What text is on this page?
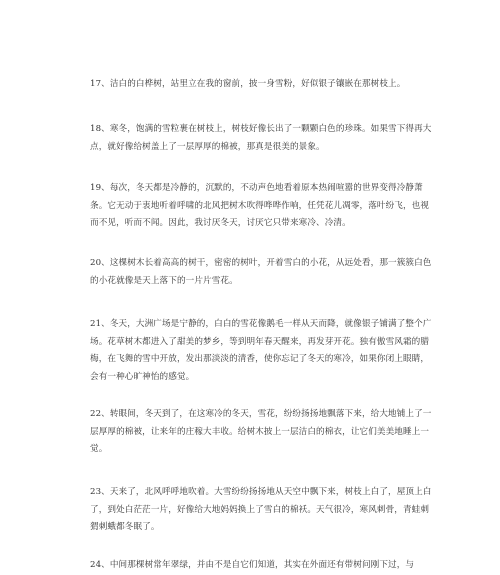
17、洁白的白桦树，站里立在我的窗前，披一身雪粉，好似银子镶嵌在那树枝上。

18、寒冬，饱满的雪粒裹在树枝上，树枝好像长出了一颗颗白色的珍珠。如果雪下得再大点，就好像给树盖上了一层厚厚的棉被，那真是很美的景象。

19、每次，冬天都是冷静的，沉默的，不动声色地看着原本热闹喧嚣的世界变得冷静萧条。它无动于衷地听着呼啸的北风把树木吹得哗哗作响，任凭花儿凋零，落叶纷飞，也视而不见，听而不闻。因此，我讨厌冬天，讨厌它只带来寒冷、冷清。

20、这棵树木长着高高的树干，密密的树叶，开着雪白的小花，从远处看，那一簇簇白色的小花就像是天上落下的一片片雪花。

21、冬天，大洲广场是宁静的，白白的雪花像鹅毛一样从天而降，就像银子铺满了整个广场。花草树木都进入了甜美的梦乡，等到明年春天醒来，再发芽开花。独有傲雪风霜的腊梅，在飞舞的雪中开放，发出那淡淡的清香，使你忘记了冬天的寒冷，如果你闭上眼睛，会有一种心旷神怡的感觉。

22、转眼间，冬天到了，在这寒冷的冬天，雪花，纷纷扬扬地飘落下来，给大地铺上了一层厚厚的棉被，让来年的庄稼大丰收。给树木披上一层洁白的棉衣，让它们美美地睡上一觉。

23、天来了，北风呼呼地吹着。大雪纷纷扬扬地从天空中飘下来，树枝上白了，屋顶上白了，到处白茫茫一片，好像给大地妈妈换上了雪白的棉袄。天气很冷，寒风刺骨，青蛙刺猬刺蛾都冬眠了。

24、中间那棵树常年翠绿，并由不是自它们知道，其实在外面还有带树问刚下过，与
